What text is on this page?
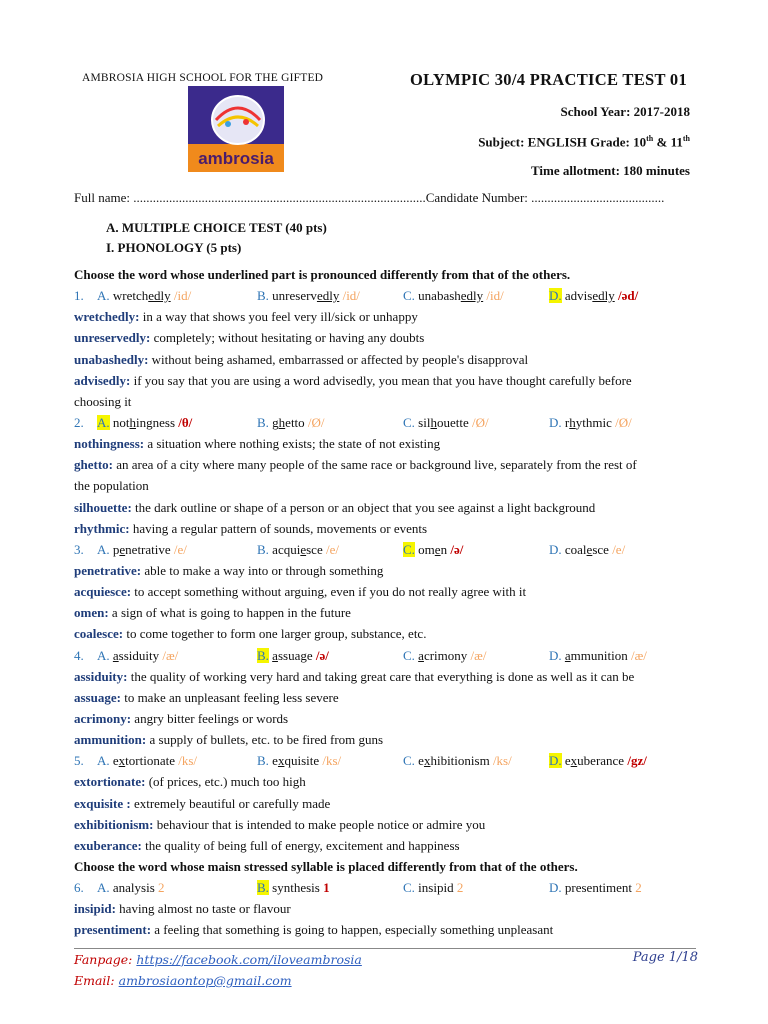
AMBROSIA HIGH SCHOOL FOR THE GIFTED	OLYMPIC 30/4 PRACTICE TEST 01
ambrosia
School Year: 2017-2018
Subject: ENGLISH Grade: 10th & 11th
Time allotment: 180 minutes
Full name: ..........................................................................................Candidate Number: .........................................
A. MULTIPLE CHOICE TEST (40 pts)
I. PHONOLOGY (5 pts)
Choose the word whose underlined part is pronounced differently from that of the others.
1. A. wretchedly /id/	B. unreservedly /id/	C. unabashedly /id/	D. advisedly /əd/
wretchedly: in a way that shows you feel very ill/sick or unhappy
unreservedly: completely; without hesitating or having any doubts
unabashedly: without being ashamed, embarrassed or affected by people's disapproval
advisedly: if you say that you are using a word advisedly, you mean that you have thought carefully before
choosing it
2. A. nothingness /θ/	B. ghetto /Ø/	C. silhouette /Ø/	D. rhythmic /Ø/
nothingness: a situation where nothing exists; the state of not existing
ghetto: an area of a city where many people of the same race or background live, separately from the rest of
the population
silhouette: the dark outline or shape of a person or an object that you see against a light background
rhythmic: having a regular pattern of sounds, movements or events
3. A. penetrative /e/	B. acquiesce /e/	C. omen /ə/	D. coalesce /e/
penetrative: able to make a way into or through something
acquiesce: to accept something without arguing, even if you do not really agree with it
omen: a sign of what is going to happen in the future
coalesce: to come together to form one larger group, substance, etc.
4. A. assiduity /æ/	B. assuage /ə/	C. acrimony /æ/	D. ammunition /æ/
assiduity: the quality of working very hard and taking great care that everything is done as well as it can be
assuage: to make an unpleasant feeling less severe
acrimony: angry bitter feelings or words
ammunition: a supply of bullets, etc. to be fired from guns
5. A. extortionate /ks/	B. exquisite /ks/	C. exhibitionism /ks/	D. exuberance /gz/
extortionate: (of prices, etc.) much too high
exquisite : extremely beautiful or carefully made
exhibitionism: behaviour that is intended to make people notice or admire you
exuberance: the quality of being full of energy, excitement and happiness
Choose the word whose maisn stressed syllable is placed differently from that of the others.
6. A. analysis 2	B. synthesis 1	C. insipid 2	D. presentiment 2
insipid: having almost no taste or flavour
presentiment: a feeling that something is going to happen, especially something unpleasant
Fanpage: https://facebook.com/iloveambrosia
Email: ambrosiaontop@gmail.com
Page 1/18
